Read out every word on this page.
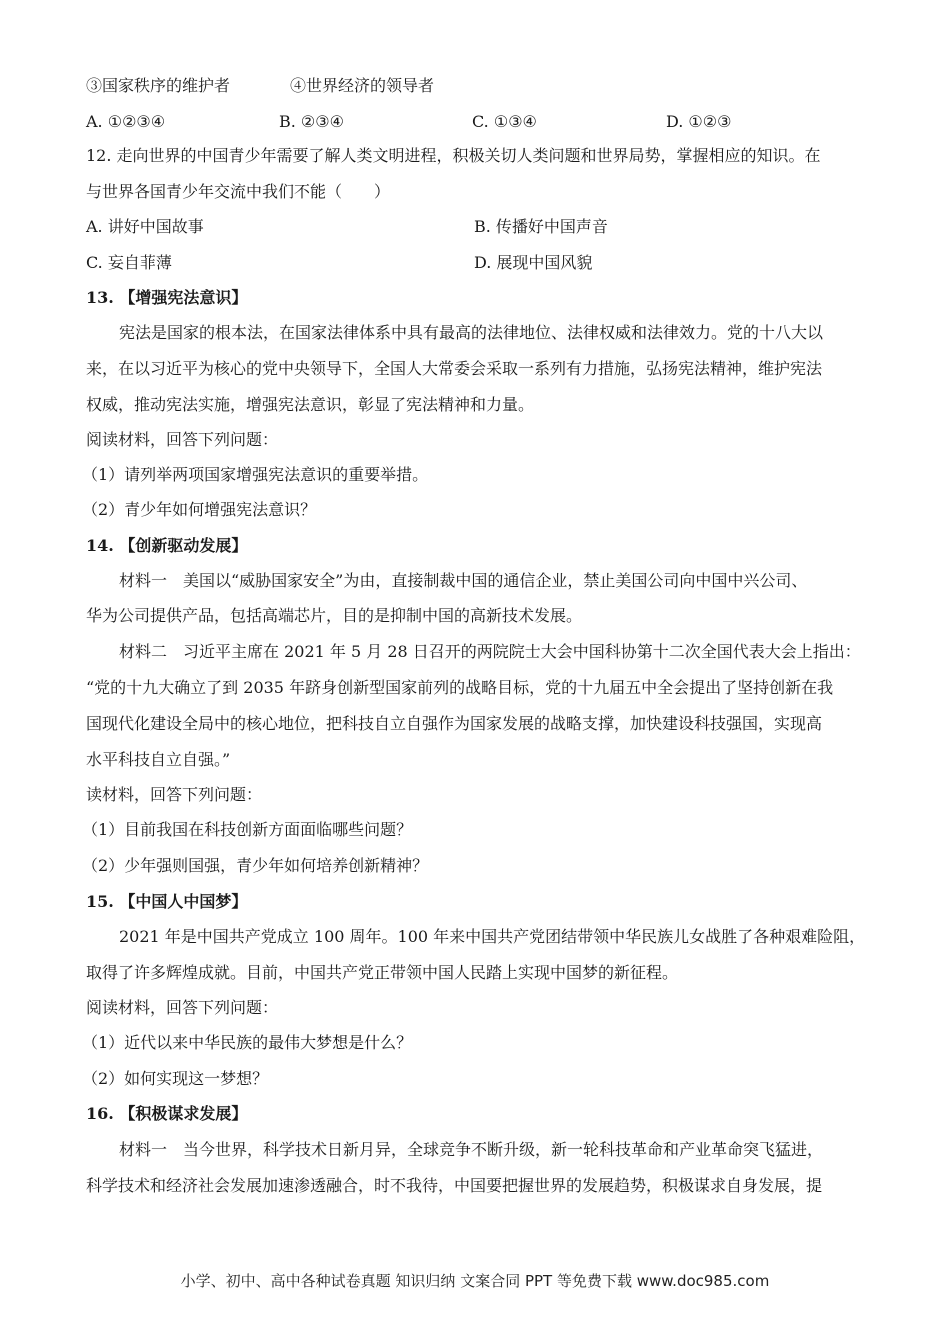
③国家秩序的维护者	④世界经济的领导者
A. ①②③④	B. ②③④	C. ①③④	D. ①②③
12. 走向世界的中国青少年需要了解人类文明进程，积极关切人类问题和世界局势，掌握相应的知识。在
与世界各国青少年交流中我们不能（　　）
A. 讲好中国故事	B. 传播好中国声音
C. 妄自菲薄	D. 展现中国风貌
13. 【增强宪法意识】
宪法是国家的根本法，在国家法律体系中具有最高的法律地位、法律权威和法律效力。党的十八大以
来，在以习近平为核心的党中央领导下，全国人大常委会采取一系列有力措施，弘扬宪法精神，维护宪法
权威，推动宪法实施，增强宪法意识，彰显了宪法精神和力量。
阅读材料，回答下列问题：
（1）请列举两项国家增强宪法意识的重要举措。
（2）青少年如何增强宪法意识？
14. 【创新驱动发展】
材料一　美国以“威胁国家安全”为由，直接制裁中国的通信企业，禁止美国公司向中国中兴公司、
华为公司提供产品，包括高端芯片，目的是抑制中国的高新技术发展。
材料二　习近平主席在 2021 年 5 月 28 日召开的两院院士大会中国科协第十二次全国代表大会上指出：
“党的十九大确立了到 2035 年跻身创新型国家前列的战略目标，党的十九届五中全会提出了坚持创新在我
国现代化建设全局中的核心地位，把科技自立自强作为国家发展的战略支撑，加快建设科技强国，实现高
水平科技自立自强。”
读材料，回答下列问题：
（1）目前我国在科技创新方面面临哪些问题？
（2）少年强则国强，青少年如何培养创新精神？
15. 【中国人中国梦】
2021 年是中国共产党成立 100 周年。100 年来中国共产党团结带领中华民族儿女战胜了各种艰难险阻，
取得了许多辉煌成就。目前，中国共产党正带领中国人民踏上实现中国梦的新征程。
阅读材料，回答下列问题：
（1）近代以来中华民族的最伟大梦想是什么？
（2）如何实现这一梦想？
16. 【积极谋求发展】
材料一　当今世界，科学技术日新月异，全球竞争不断升级，新一轮科技革命和产业革命突飞猛进，
科学技术和经济社会发展加速渗透融合，时不我待，中国要把握世界的发展趋势，积极谋求自身发展，提
小学、初中、高中各种试卷真题 知识归纳 文案合同 PPT 等免费下载 www.doc985.com
